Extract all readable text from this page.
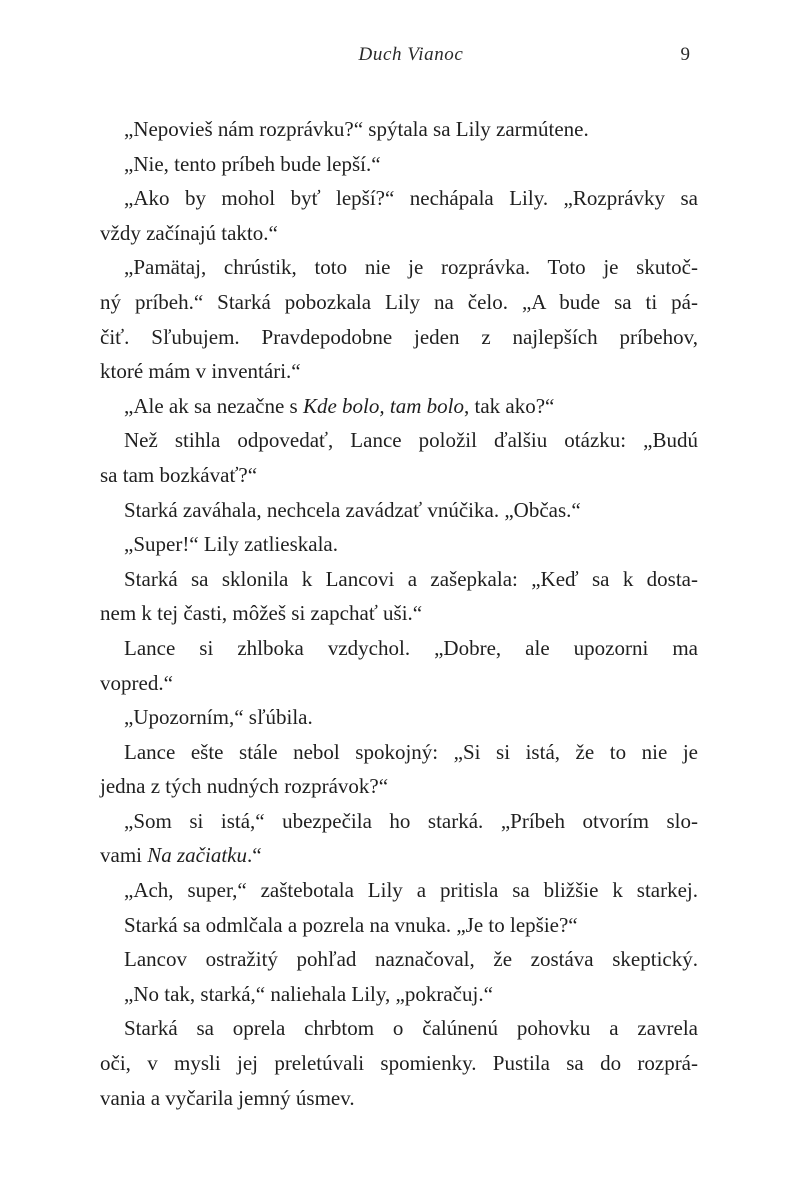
Duch Vianoc	9
„Nepovieš nám rozprávku?“ spýtala sa Lily zarmútene.
„Nie, tento príbeh bude lepší.“
„Ako by mohol byť lepší?“ nechápala Lily. „Rozprávky sa
vždy začínajú takto.“
„Pamätaj, chrústik, toto nie je rozprávka. Toto je skutoč-
ný príbeh.“ Starká pobozkala Lily na čelo. „A bude sa ti pá-
čiť. Sľubujem. Pravdepodobne jeden z najlepších príbehov,
ktoré mám v inventári.“
„Ale ak sa nezačne s Kde bolo, tam bolo, tak ako?“
Než stihla odpovedať, Lance položil ďalšiu otázku: „Budú
sa tam bozkávať?“
Starká zaváhala, nechcela zavádzať vnúčika. „Občas.“
„Super!“ Lily zatlieskala.
Starká sa sklonila k Lancovi a zašepkala: „Keď sa k dosta-
nem k tej časti, môžeš si zapchať uši.“
Lance si zhlboka vzdychol. „Dobre, ale upozorni ma
vopred.“
„Upozorním,“ sľúbila.
Lance ešte stále nebol spokojný: „Si si istá, že to nie je
jedna z tých nudných rozprávok?“
„Som si istá,“ ubezpečila ho starká. „Príbeh otvorím slo-
vami Na začiatku.“
„Ach, super,“ zaštebotala Lily a pritisla sa bližšie k starkej.
Starká sa odmlčala a pozrela na vnuka. „Je to lepšie?“
Lancov ostražitý pohľad naznačoval, že zostáva skeptický.
„No tak, starká,“ naliehala Lily, „pokračuj.“
Starká sa oprela chrbtom o čalúnenú pohovku a zavrela
oči, v mysli jej preletúvali spomienky. Pustila sa do rozprá-
vania a vyčarila jemný úsmev.
